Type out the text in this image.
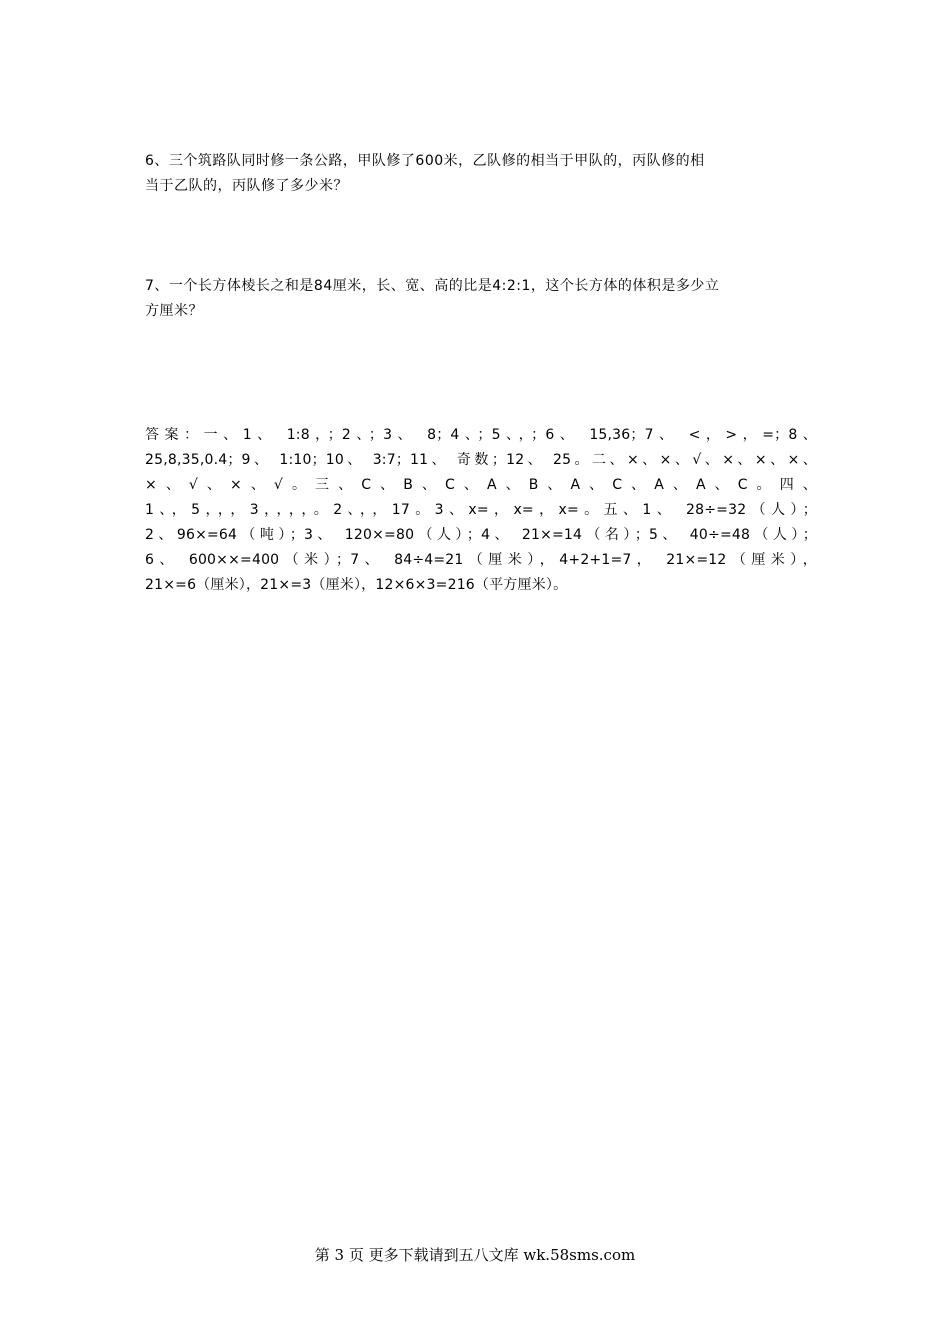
6、三个筑路队同时修一条公路，甲队修了600米，乙队修的相当于甲队的，丙队修的相
当于乙队的，丙队修了多少米？
7、一个长方体棱长之和是84厘米，长、宽、高的比是4:2:1，这个长方体的体积是多少立
方厘米？
答案：一、1、 1:8，；2、；3、 8；4、；5、，；6、 15,36；7、 <，>，=；8、
25,8,35,0.4；9、 1:10；10、 3:7；11、 奇数；12、 25。二、×、×、√、×、×、×、
×、√、×、√。三、C、B、C、A、B、A、C、A、A、C。四、
1、，5，，，3，，，，。2、，，17。3、x=，x=，x=。五、1、 28÷=32（人）；
2、96×=64（吨）；3、 120×=80（人）；4、 21×=14（名）；5、 40÷=48（人）；
6、 600××=400（米）；7、 84÷4=21（厘米），4+2+1=7， 21×=12（厘米），
21×=6（厘米），21×=3（厘米），12×6×3=216（平方厘米）。
第 3 页 更多下载请到五八文库 wk.58sms.com
